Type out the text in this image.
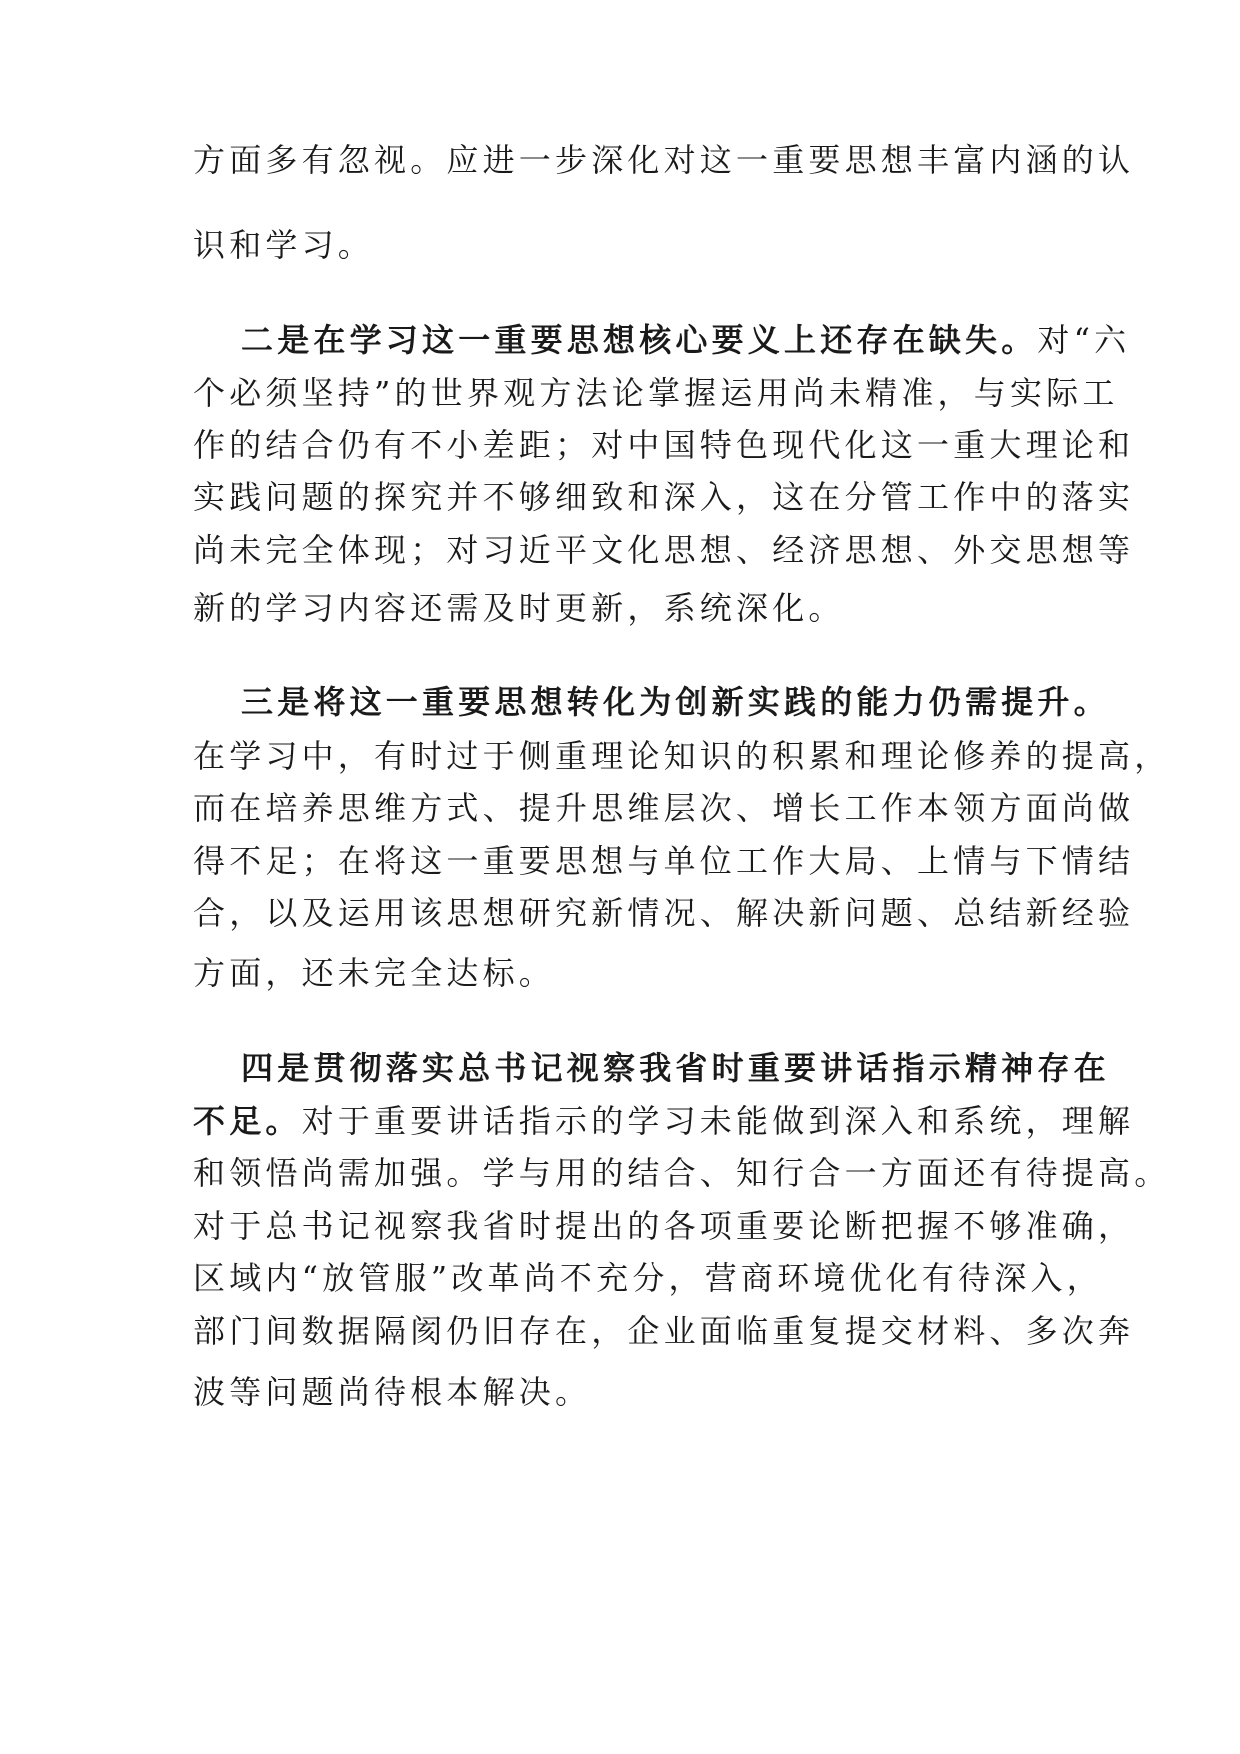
方面多有忽视。应进一步深化对这一重要思想丰富内涵的认
识和学习。
二是在学习这一重要思想核心要义上还存在缺失。对“六
个必须坚持”的世界观方法论掌握运用尚未精准，与实际工
作的结合仍有不小差距；对中国特色现代化这一重大理论和
实践问题的探究并不够细致和深入，这在分管工作中的落实
尚未完全体现；对习近平文化思想、经济思想、外交思想等
新的学习内容还需及时更新，系统深化。
三是将这一重要思想转化为创新实践的能力仍需提升。
在学习中，有时过于侧重理论知识的积累和理论修养的提高，
而在培养思维方式、提升思维层次、增长工作本领方面尚做
得不足；在将这一重要思想与单位工作大局、上情与下情结
合，以及运用该思想研究新情况、解决新问题、总结新经验
方面，还未完全达标。
四是贯彻落实总书记视察我省时重要讲话指示精神存在
不足。对于重要讲话指示的学习未能做到深入和系统，理解
和领悟尚需加强。学与用的结合、知行合一方面还有待提高。
对于总书记视察我省时提出的各项重要论断把握不够准确，
区域内“放管服”改革尚不充分，营商环境优化有待深入，
部门间数据隔阂仍旧存在，企业面临重复提交材料、多次奔
波等问题尚待根本解决。
